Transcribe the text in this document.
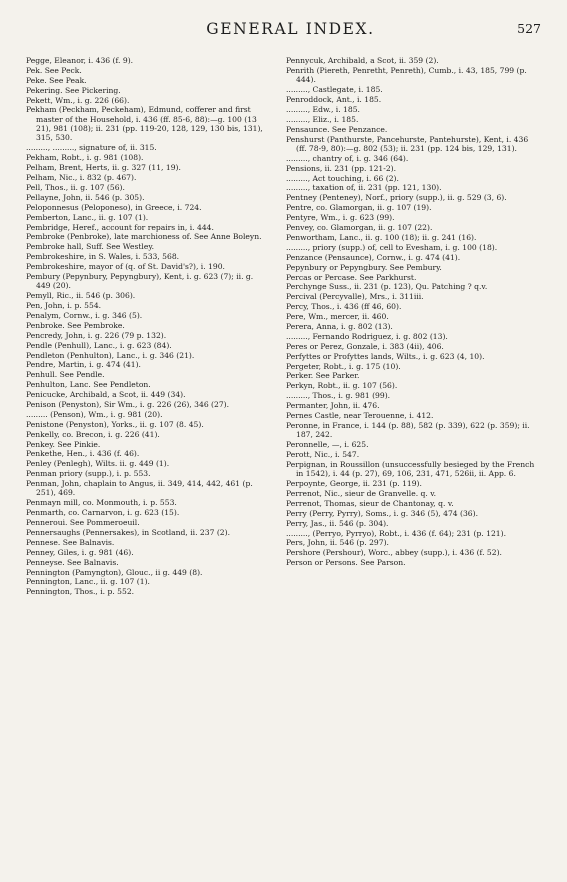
GENERAL INDEX.	527
Pegge, Eleanor, i. 436 (f. 9).
Pek. See Peck.
Peke. See Peak.
Pekering. See Pickering.
Pekett, Wm., i. g. 226 (66).
Pekham (Peckham, Peckeham), Edmund, cofferer and first master of the Household, i. 436 (ff. 85-6, 88):—g. 100 (13 21), 981 (108); ii. 231 (pp. 119-20, 128, 129, 130 bis, 131), 315, 530.
........., ........., signature of, ii. 315.
Pekham, Robt., i. g. 981 (108).
Pelham, Brent, Herts, ii. g. 327 (11, 19).
Pelham, Nic., i. 832 (p. 467).
Pell, Thos., ii. g. 107 (56).
Pellayne, John, ii. 546 (p. 305).
Peloponnesus (Peloponeso), in Greece, i. 724.
Pemberton, Lanc., ii. g. 107 (1).
Pembridge, Heref., account for repairs in, i. 444.
Pembroke (Penbroke), late marchioness of. See Anne Boleyn.
Pembroke hall, Suff. See Westley.
Pembrokeshire, in S. Wales, i. 533, 568.
Pembrokeshire, mayor of (q. of St. David's?), i. 190.
Pembury (Pepynbury, Pepyngbury), Kent, i. g. 623 (7); ii. g. 449 (20).
Pemyll, Ric., ii. 546 (p. 306).
Pen, John, i. p. 554.
Penalym, Cornw., i. g. 346 (5).
Penbroke. See Pembroke.
Pencredy, John, i. g. 226 (79 p. 132).
Pendle (Penhull), Lanc., i. g. 623 (84).
Pendleton (Penhulton), Lanc., i. g. 346 (21).
Pendre, Martin, i. g. 474 (41).
Penhull. See Pendle.
Penhulton, Lanc. See Pendleton.
Penicucke, Archibald, a Scot, ii. 449 (34).
Penison (Penyston), Sir Wm., i. g. 226 (26), 346 (27).
......... (Penson), Wm., i. g. 981 (20).
Penistone (Penyston), Yorks., ii. g. 107 (8. 45).
Penkelly, co. Brecon, i. g. 226 (41).
Penkey. See Pinkie.
Penkethe, Hen., i. 436 (f. 46).
Penley (Penlegh), Wilts. ii. g. 449 (1).
Penman priory (supp.), i. p. 553.
Penman, John, chaplain to Angus, ii. 349, 414, 442, 461 (p. 251), 469.
Penmayn mill, co. Monmouth, i. p. 553.
Penmarth, co. Carnarvon, i. g. 623 (15).
Penneroui. See Pommeroeuil.
Pennersaughs (Pennersakes), in Scotland, ii. 237 (2).
Pennese. See Balnavis.
Penney, Giles, i. g. 981 (46).
Penneyse. See Balnavis.
Pennington (Pamyngton), Glouc., ii g. 449 (8).
Pennington, Lanc., ii. g. 107 (1).
Pennington, Thos., i. p. 552.
Pennycuk, Archibald, a Scot, ii. 359 (2).
Penrith (Piereth, Penretht, Penreth), Cumb., i. 43, 185, 799 (p. 444).
........., Castlegate, i. 185.
Penroddock, Ant., i. 185.
........., Edw., i. 185.
........., Eliz., i. 185.
Pensaunce. See Penzance.
Penshurst (Panthurste, Pancehurste, Pantehurste), Kent, i. 436 (ff. 78-9, 80):—g. 802 (53); ii. 231 (pp. 124 bis, 129, 131).
........., chantry of, i. g. 346 (64).
Pensions, ii. 231 (pp. 121-2).
........., Act touching, i. 66 (2).
........., taxation of, ii. 231 (pp. 121, 130).
Pentney (Penteney), Norf., priory (supp.), ii. g. 529 (3, 6).
Pentre, co. Glamorgan, ii. g. 107 (19).
Pentyre, Wm., i. g. 623 (99).
Penvey, co. Glamorgan, ii. g. 107 (22).
Penwortham, Lanc., ii. g. 100 (18); ii. g. 241 (16).
........., priory (supp.) of, cell to Evesham, i. g. 100 (18).
Penzance (Pensaunce), Cornw., i. g. 474 (41).
Pepynbury or Pepyngbury. See Pembury.
Percas or Percase. See Parkhurst.
Perchynge Suss., ii. 231 (p. 123), Qu. Patching ? q.v.
Percival (Percyvalle), Mrs., i. 311iii.
Percy, Thos., i. 436 (ff 46, 60).
Pere, Wm., mercer, ii. 460.
Perera, Anna, i. g. 802 (13).
........., Fernando Rodriguez, i. g. 802 (13).
Peres or Perez, Gonzale, i. 383 (4ii), 406.
Perfyttes or Profyttes lands, Wilts., i. g. 623 (4, 10).
Pergeter, Robt., i. g. 175 (10).
Perker. See Parker.
Perkyn, Robt., ii. g. 107 (56).
........., Thos., i. g. 981 (99).
Permanter, John, ii. 476.
Pernes Castle, near Terouenne, i. 412.
Peronne, in France, i. 144 (p. 88), 582 (p. 339), 622 (p. 359); ii. 187, 242.
Peronnelle, —, i. 625.
Perott, Nic., i. 547.
Perpignan, in Roussillon (unsuccessfully besieged by the French in 1542), i. 44 (p. 27), 69, 106, 231, 471, 526ii, ii. App. 6.
Perpoynte, George, ii. 231 (p. 119).
Perrenot, Nic., sieur de Granvelle. q. v.
Perrenot, Thomas, sieur de Chantonay, q. v.
Perry (Perry, Pyrry), Soms., i. g. 346 (5), 474 (36).
Perry, Jas., ii. 546 (p. 304).
........., (Perryo, Pyrryo), Robt., i. 436 (f. 64); 231 (p. 121).
Pers, John, ii. 546 (p. 297).
Pershore (Pershour), Worc., abbey (supp.), i. 436 (f. 52).
Person or Persons. See Parson.
